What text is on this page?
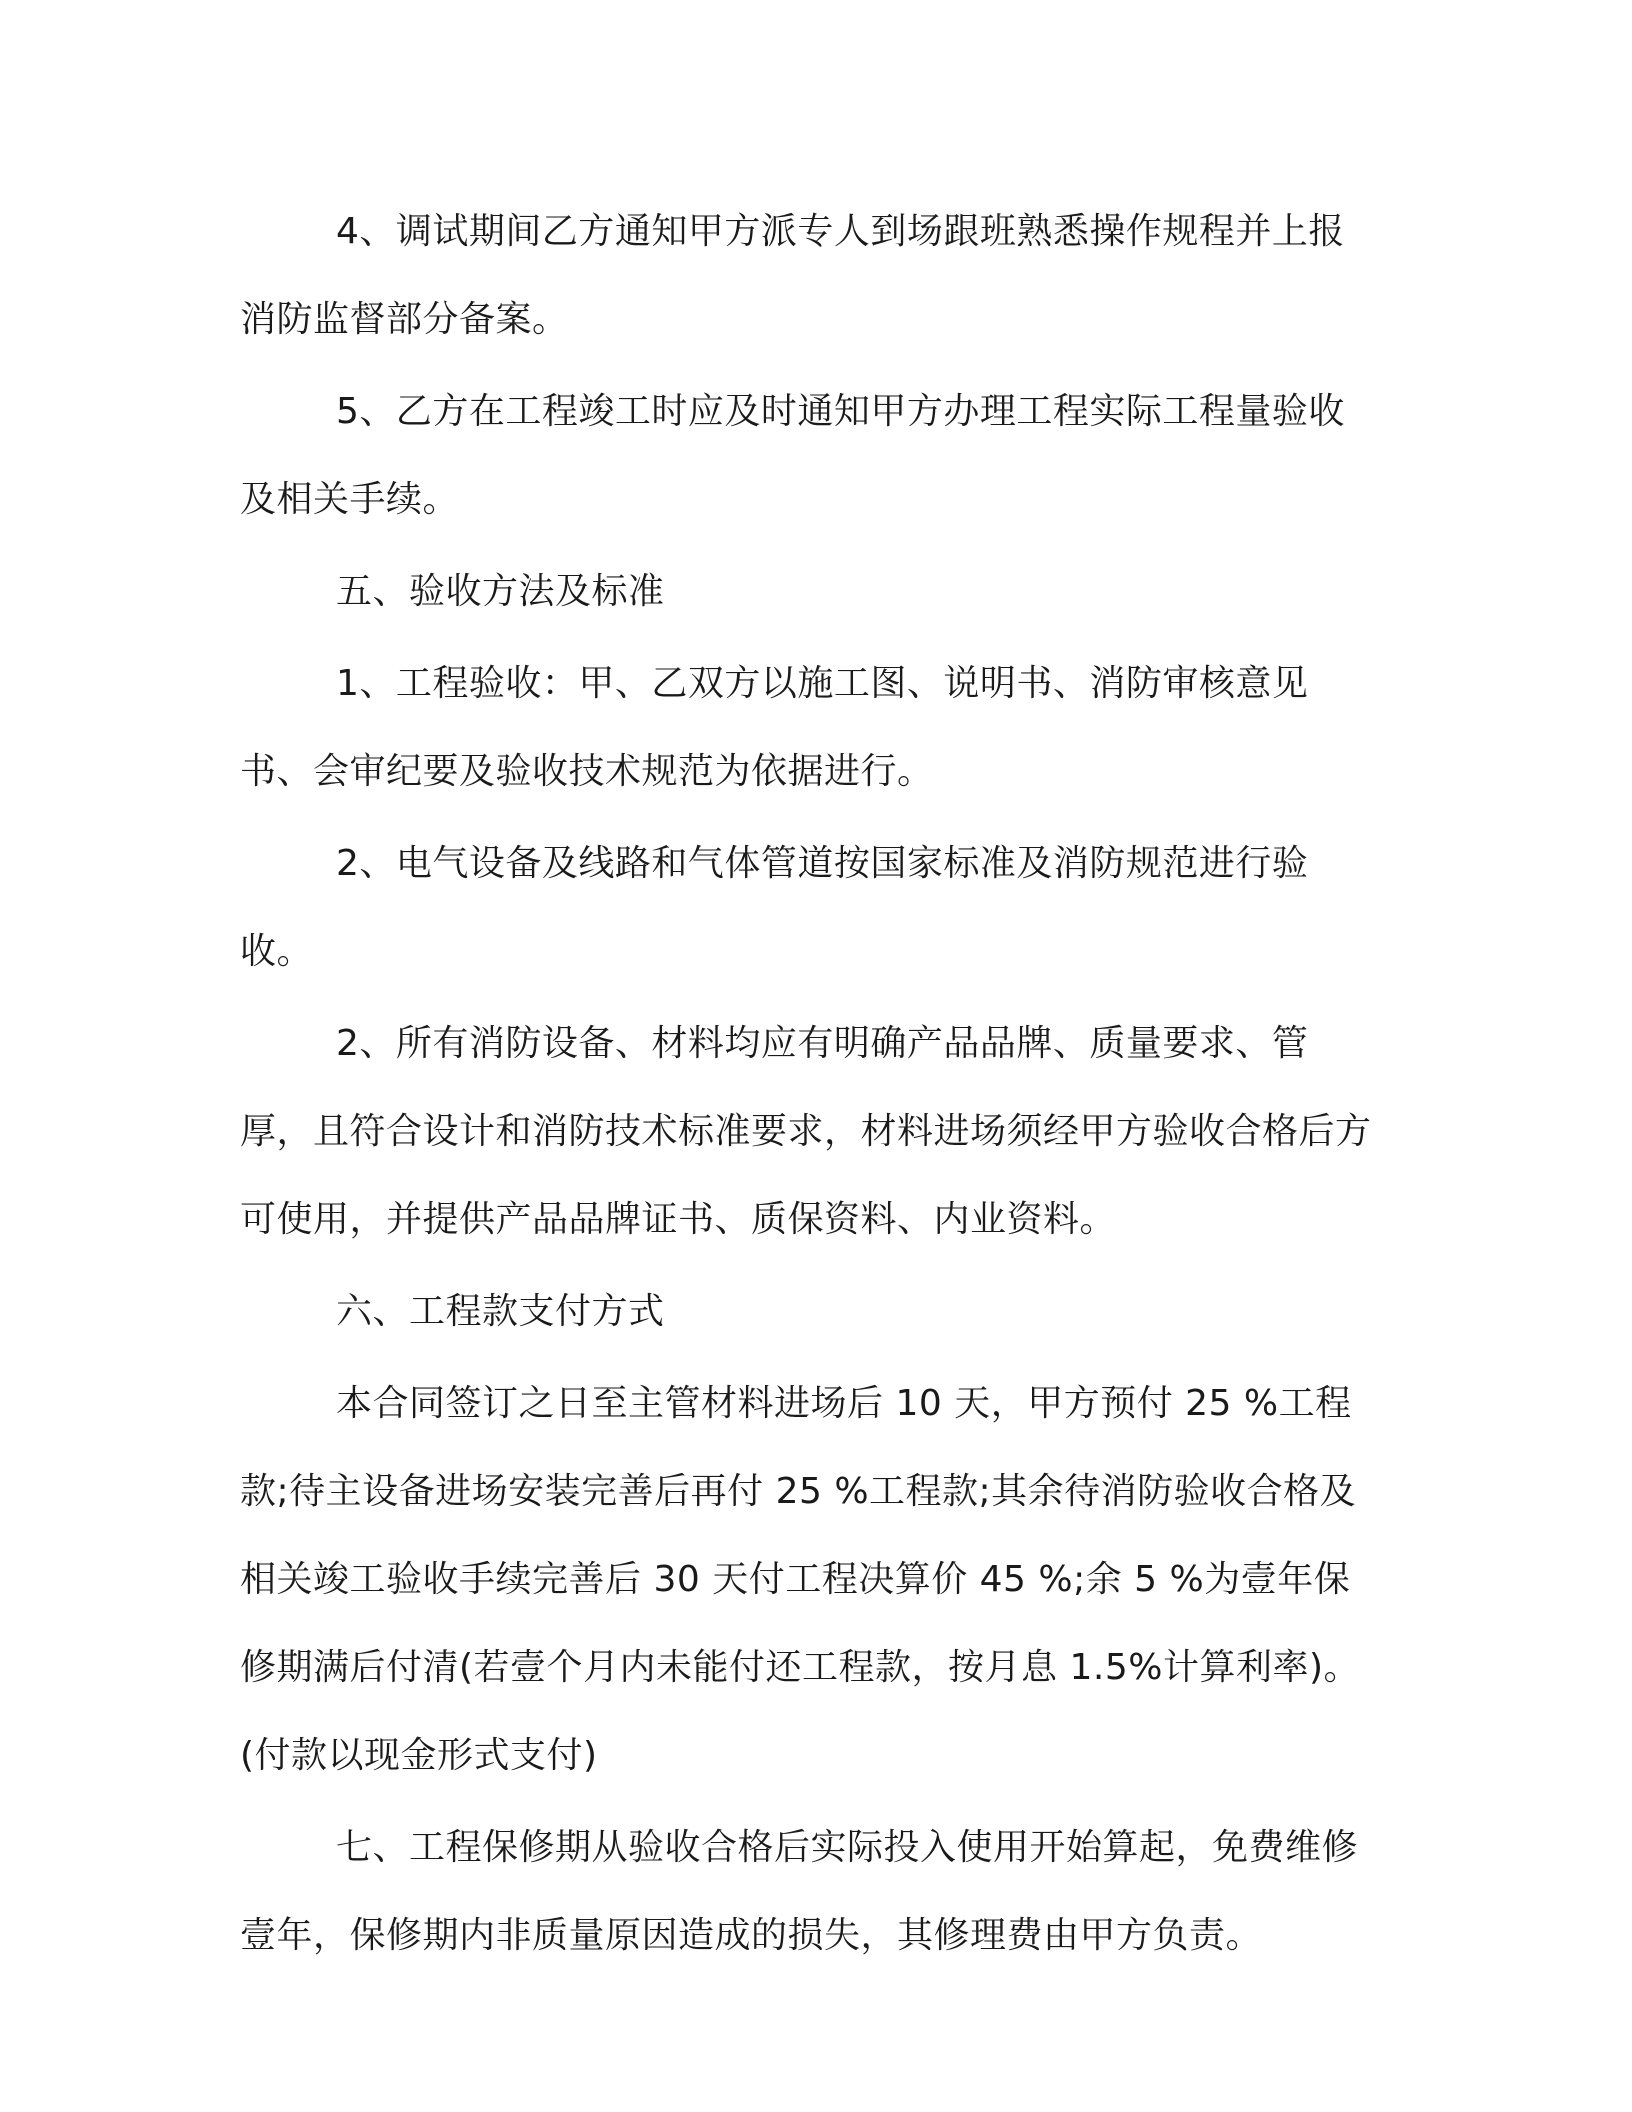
4、调试期间乙方通知甲方派专人到场跟班熟悉操作规程并上报消防监督部分备案。

5、乙方在工程竣工时应及时通知甲方办理工程实际工程量验收及相关手续。

五、验收方法及标准

1、工程验收：甲、乙双方以施工图、说明书、消防审核意见书、会审纪要及验收技术规范为依据进行。

2、电气设备及线路和气体管道按国家标准及消防规范进行验收。

2、所有消防设备、材料均应有明确产品品牌、质量要求、管厚，且符合设计和消防技术标准要求，材料进场须经甲方验收合格后方可使用，并提供产品品牌证书、质保资料、内业资料。

六、工程款支付方式

本合同签订之日至主管材料进场后 10 天，甲方预付 25 %工程款;待主设备进场安装完善后再付 25 %工程款;其余待消防验收合格及相关竣工验收手续完善后 30 天付工程决算价 45 %;余 5 %为壹年保修期满后付清(若壹个月内未能付还工程款，按月息 1.5%计算利率)。(付款以现金形式支付)

七、工程保修期从验收合格后实际投入使用开始算起，免费维修壹年，保修期内非质量原因造成的损失，其修理费由甲方负责。
